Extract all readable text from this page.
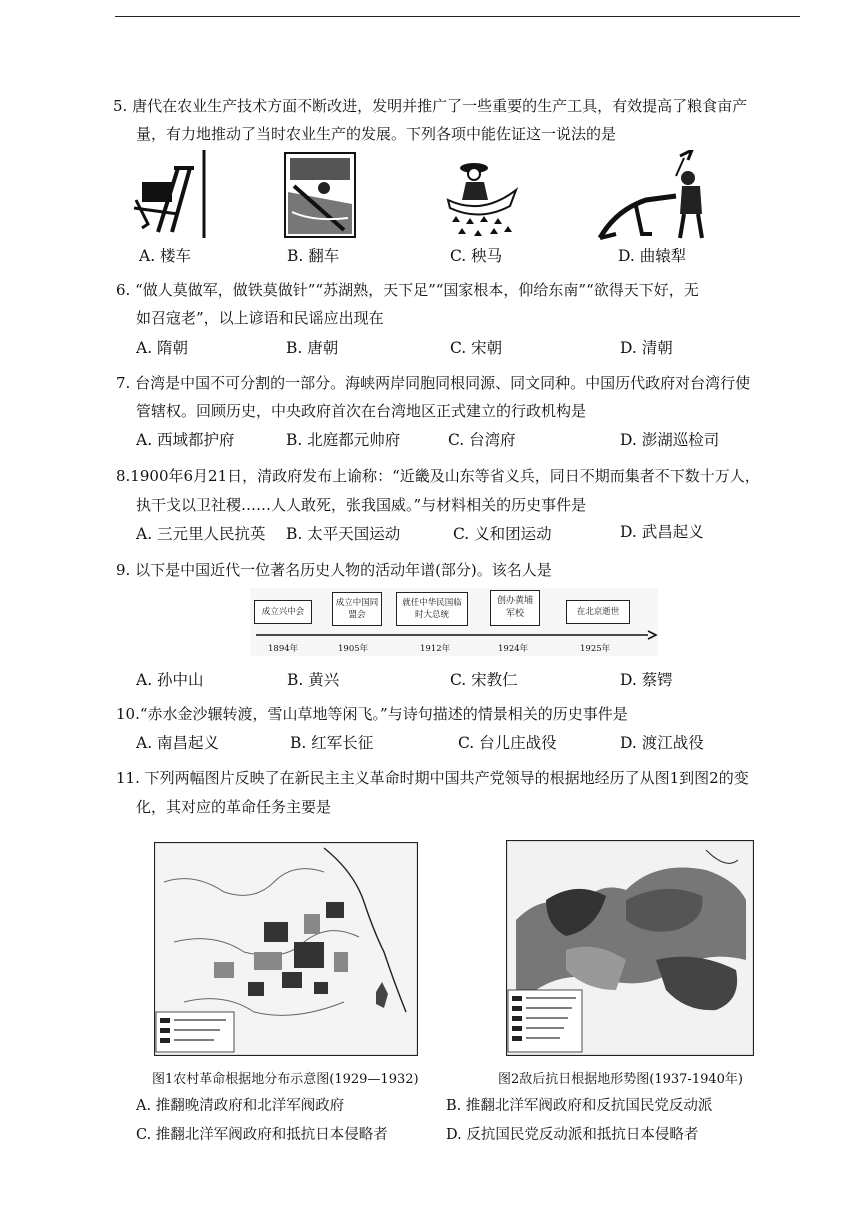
5. 唐代在农业生产技术方面不断改进，发明并推广了一些重要的生产工具，有效提高了粮食亩产
量，有力地推动了当时农业生产的发展。下列各项中能佐证这一说法的是
A. 楼车	B. 翻车	C. 秧马	D. 曲辕犁
6. “做人莫做军，做铁莫做针”“苏湖熟，天下足”“国家根本，仰给东南”“欲得天下好，无
如召寇老”，以上谚语和民谣应出现在
A. 隋朝	B. 唐朝	C. 宋朝	D. 清朝
7. 台湾是中国不可分割的一部分。海峡两岸同胞同根同源、同文同种。中国历代政府对台湾行使
管辖权。回顾历史，中央政府首次在台湾地区正式建立的行政机构是
A. 西域都护府	B. 北庭都元帅府	C. 台湾府	D. 澎湖巡检司
8.1900年6月21日，清政府发布上谕称：“近畿及山东等省义兵，同日不期而集者不下数十万人，
执干戈以卫社稷……人人敢死，张我国威。”与材料相关的历史事件是
A. 三元里人民抗英 B. 太平天国运动	C. 义和团运动	D. 武昌起义
9. 以下是中国近代一位著名历史人物的活动年谱(部分)。该名人是
成立兴中会
成立中国同盟会
就任中华民国临时大总统
创办黄埔军校	在北京逝世
1894年	1905年	1912年	1924年	1925年
A. 孙中山	B. 黄兴	C. 宋教仁	D. 蔡锷
10.“赤水金沙辗转渡，雪山草地等闲飞。”与诗句描述的情景相关的历史事件是
A. 南昌起义	B. 红军长征	C. 台儿庄战役	D. 渡江战役
11. 下列两幅图片反映了在新民主主义革命时期中国共产党领导的根据地经历了从图1到图2的变
化，其对应的革命任务主要是
图1农村革命根据地分布示意图(1929—1932)	图2敌后抗日根据地形势图(1937-1940年)
A. 推翻晚清政府和北洋军阀政府	B. 推翻北洋军阀政府和反抗国民党反动派
C. 推翻北洋军阀政府和抵抗日本侵略者	D. 反抗国民党反动派和抵抗日本侵略者
